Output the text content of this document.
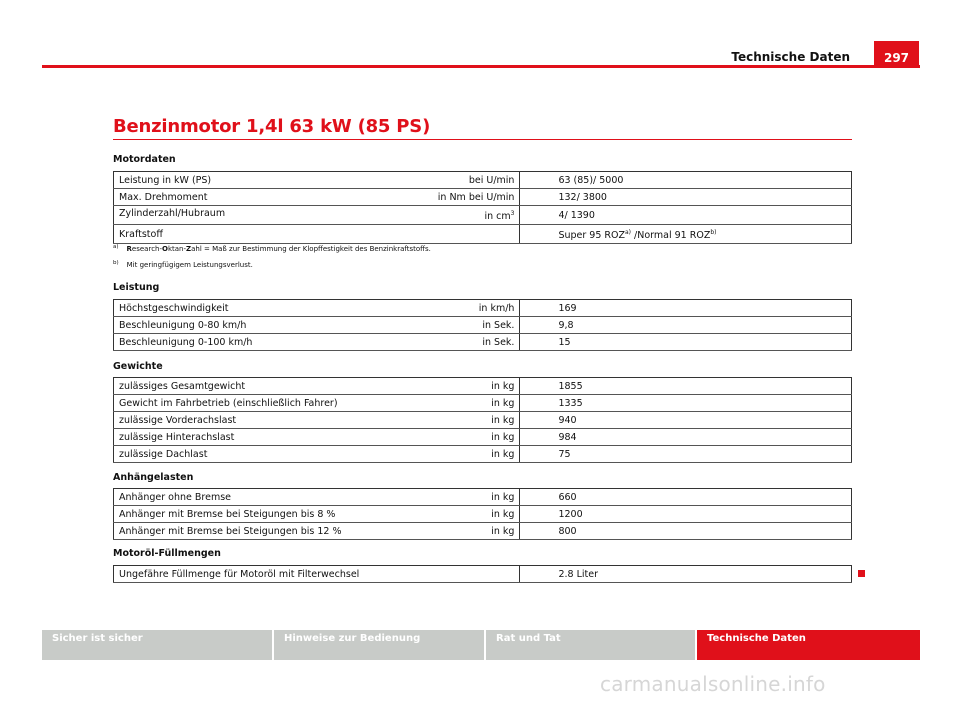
Technische Daten	297
Benzinmotor 1,4l 63 kW (85 PS)
Motordaten
Leistung in kW (PS) bei U/min	63 (85)/ 5000
Max. Drehmoment in Nm bei U/min	132/ 3800
Zylinderzahl/Hubraum in $cm^3$	4/ 1390
Kraftstoff	Super 95 ROZ$^{a)}$ /Normal 91 ROZ$^{b)}$
$^{a)}$ Research-Oktan-Zahl = Maß zur Bestimmung der Klopffestigkeit des Benzinkraftstoffs.
$^{b)}$ Mit geringfügigem Leistungsverlust.
Leistung
Höchstgeschwindigkeit in km/h	169
Beschleunigung 0-80 km/h in Sek.	9,8
Beschleunigung 0-100 km/h in Sek.	15
Gewichte
zulässiges Gesamtgewicht in kg	1855
Gewicht im Fahrbetrieb (einschließlich Fahrer) in kg	1335
zulässige Vorderachslast in kg	940
zulässige Hinterachslast in kg	984
zulässige Dachlast in kg	75
Anhängelasten
Anhänger ohne Bremse in kg	660
Anhänger mit Bremse bei Steigungen bis 8 % in kg	1200
Anhänger mit Bremse bei Steigungen bis 12 % in kg	800
Motoröl-Füllmengen
Ungefähre Füllmenge für Motoröl mit Filterwechsel	2.8 Liter
Sicher ist sicher	Hinweise zur Bedienung	Rat und Tat	Technische Daten
carmanualsonline.info
